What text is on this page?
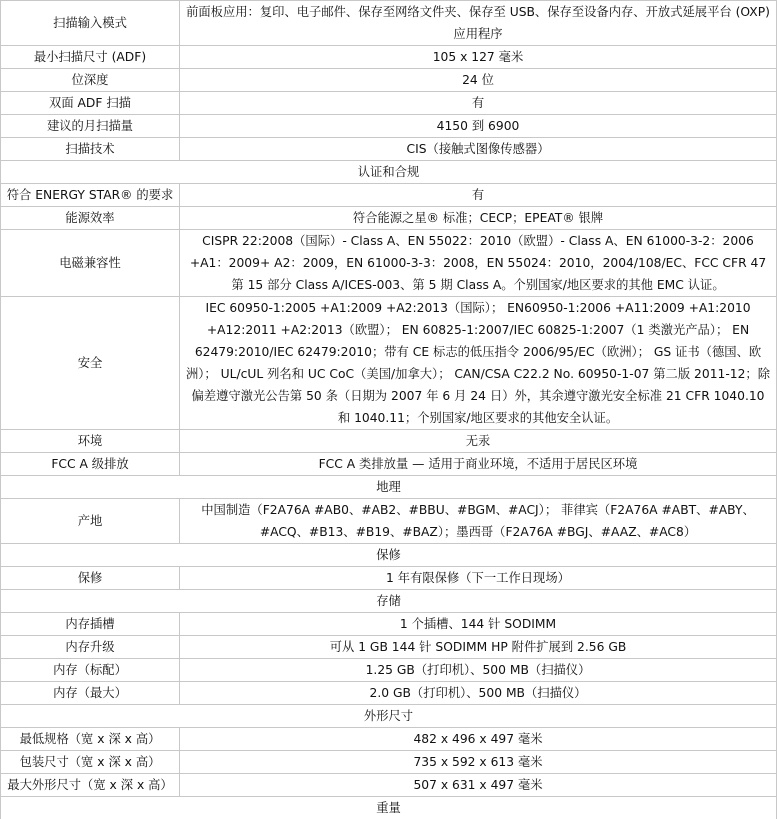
扫描输入模式	前面板应用：复印、电子邮件、保存至网络文件夹、保存至 USB、保存至设备内存、开放式延展平台 (OXP) 应用程序
最小扫描尺寸 (ADF)	105 x 127 毫米
位深度	24 位
双面 ADF 扫描	有
建议的月扫描量	4150 到 6900
扫描技术	CIS（接触式图像传感器）
认证和合规	
符合 ENERGY STAR® 的要求	有
能源效率	符合能源之星® 标准；CECP；EPEAT® 银牌
电磁兼容性	CISPR 22:2008（国际）- Class A、EN 55022：2010（欧盟）- Class A、EN 61000-3-2：2006 +A1：2009+ A2：2009，EN 61000-3-3：2008，EN 55024：2010，2004/108/EC、FCC CFR 47 第 15 部分 Class A/ICES-003、第 5 期 Class A。个别国家/地区要求的其他 EMC 认证。
安全	IEC 60950-1:2005 +A1:2009 +A2:2013（国际）； EN60950-1:2006 +A11:2009 +A1:2010 +A12:2011 +A2:2013（欧盟）； EN 60825-1:2007/IEC 60825-1:2007（1 类激光产品）； EN 62479:2010/IEC 62479:2010；带有 CE 标志的低压指令 2006/95/EC（欧洲）； GS 证书（德国、欧洲）； UL/cUL 列名和 UC CoC（美国/加拿大）； CAN/CSA C22.2 No. 60950-1-07 第二版 2011-12；除偏差遵守激光公告第 50 条（日期为 2007 年 6 月 24 日）外，其余遵守激光安全标准 21 CFR 1040.10 和 1040.11；个别国家/地区要求的其他安全认证。
环境	无汞
FCC A 级排放	FCC A 类排放量 — 适用于商业环境，不适用于居民区环境
地理	
产地	中国制造（F2A76A #AB0、#AB2、#BBU、#BGM、#ACJ）； 菲律宾（F2A76A #ABT、#ABY、#ACQ、#B13、#B19、#BAZ）；墨西哥（F2A76A #BGJ、#AAZ、#AC8）
保修	
保修	1 年有限保修（下一工作日现场）
存储	
内存插槽	1 个插槽、144 针 SODIMM
内存升级	可从 1 GB 144 针 SODIMM HP 附件扩展到 2.56 GB
内存（标配）	1.25 GB（打印机）、500 MB（扫描仪）
内存（最大）	2.0 GB（打印机）、500 MB（扫描仪）
外形尺寸	
最低规格（宽 x 深 x 高）	482 x 496 x 497 毫米
包装尺寸（宽 x 深 x 高）	735 x 592 x 613 毫米
最大外形尺寸（宽 x 深 x 高）	507 x 631 x 497 毫米
重量	
